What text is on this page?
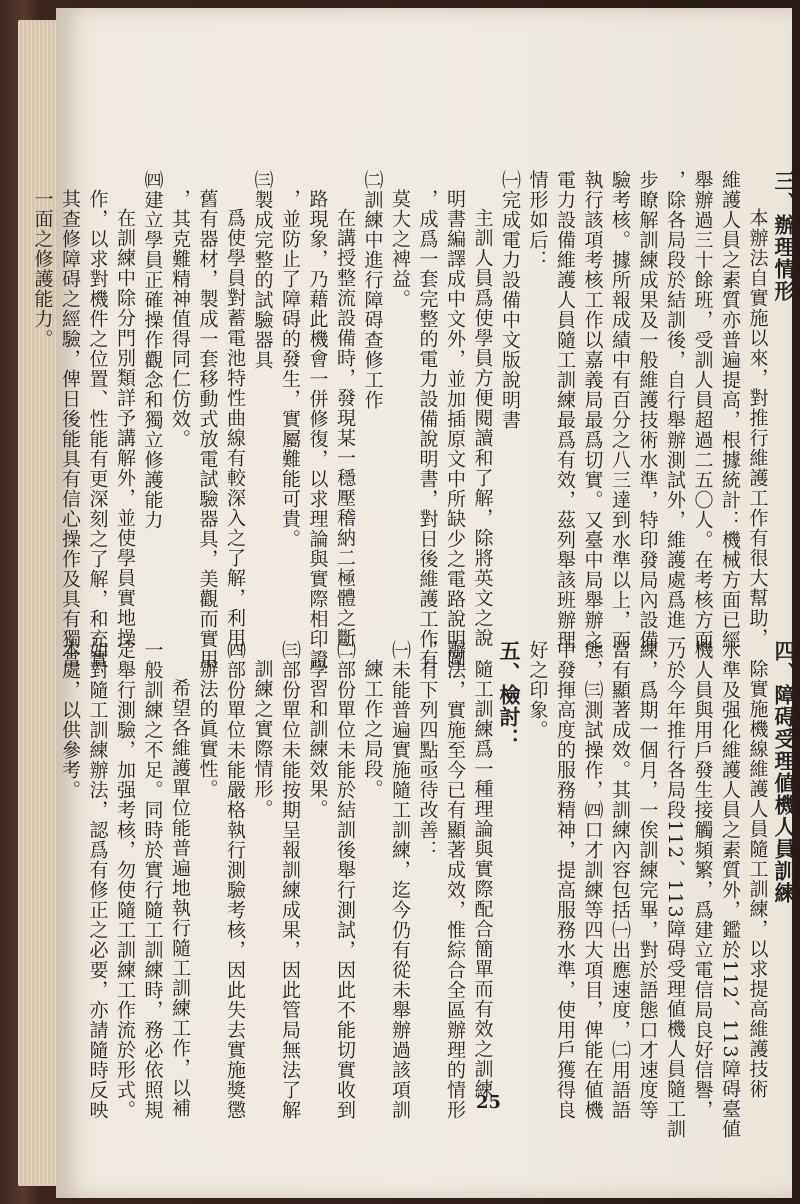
三、辦理情形

本辦法自實施以來，對推行維護工作有很大幫助，

維護人員之素質亦普遍提高，根據統計：機械方面已經

舉辦過三十餘班，受訓人員超過二五〇人。在考核方面

，除各局段於結訓後，自行舉辦測試外，維護處爲進一

步瞭解訓練成果及一般維護技術水準，特印發局內設備

驗考核。據所報成績中有百分之八三達到水準以上，而

執行該項考核工作以嘉義局最爲切實。又臺中局舉辦之

電力設備維護人員隨工訓練最爲有效，茲列舉該班辦理

情形如后：

㈠完成電力設備中文版說明書

主訓人員爲使學員方便閱讀和了解，除將英文之說

明書編譯成中文外，並加插原文中所缺少之電路說明圖

，成爲一套完整的電力設備說明書，對日後維護工作有

莫大之裨益。

㈡訓練中進行障碍查修工作

在講授整流設備時，發現某一穩壓稽納二極體之斷

路現象，乃藉此機會一併修復，以求理論與實際相印證

，並防止了障碍的發生，實屬難能可貴。

㈢製成完整的試驗器具

爲使學員對蓄電池特性曲線有較深入之了解，利用

舊有器材，製成一套移動式放電試驗器具，美觀而實用

，其克難精神值得同仁仿效。

㈣建立學員正確操作觀念和獨立修護能力

在訓練中除分門別類詳予講解外，並使學員實地操

作，以求對機件之位置、性能有更深刻之了解，和充實

其查修障碍之經驗，俾日後能具有信心操作及具有獨當

一面之修護能力。

四、障碍受理値機人員訓練

除實施機線維護人員隨工訓練，以求提高維護技術

水準及强化維護人員之素質外，鑑於112、113障碍臺値

機人員與用戶發生接觸頻繁，爲建立電信局良好信譽，

乃於今年推行各局段112、113障碍受理値機人員隨工訓

練，爲期一個月，一俟訓練完畢，對於語態口才速度等

當有顯著成效。其訓練內容包括㈠出應速度，㈡用語語

態，㈢測試操作，㈣口才訓練等四大項目，俾能在値機

中發揮高度的服務精神，提高服務水準，使用戶獲得良

好之印象。

五、檢討：

隨工訓練爲一種理論與實際配合簡單而有效之訓練

辦法，實施至今已有顯著成效，惟綜合全區辦理的情形

，有下列四點亟待改善：

㈠未能普遍實施隨工訓練，迄今仍有從未舉辦過該項訓

練工作之局段。

㈡部份單位未能於結訓後舉行測試，因此不能切實收到

學習和訓練效果。

㈢部份單位未能按期呈報訓練成果，因此管局無法了解

訓練之實際情形。

㈣部份單位未能嚴格執行測驗考核，因此失去實施獎懲

辦法的眞實性。

希望各維護單位能普遍地執行隨工訓練工作，以補

一般訓練之不足。同時於實行隨工訓練時，務必依照規

定舉行測驗，加强考核，勿使隨工訓練工作流於形式。

如對隨工訓練辦法，認爲有修正之必要，亦請隨時反映

本處，以供參考。

25
